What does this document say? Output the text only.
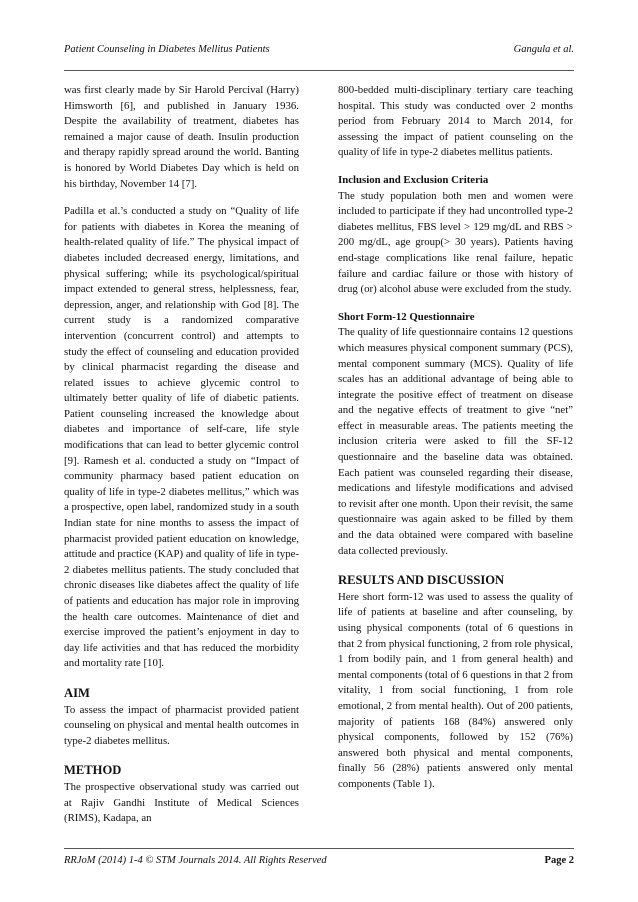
Patient Counseling in Diabetes Mellitus Patients	Gangula et al.

was first clearly made by Sir Harold Percival (Harry) Himsworth [6], and published in January 1936. Despite the availability of treatment, diabetes has remained a major cause of death. Insulin production and therapy rapidly spread around the world. Banting is honored by World Diabetes Day which is held on his birthday, November 14 [7].

Padilla et al.’s conducted a study on “Quality of life for patients with diabetes in Korea the meaning of health-related quality of life.” The physical impact of diabetes included decreased energy, limitations, and physical suffering; while its psychological/spiritual impact extended to general stress, helplessness, fear, depression, anger, and relationship with God [8]. The current study is a randomized comparative intervention (concurrent control) and attempts to study the effect of counseling and education provided by clinical pharmacist regarding the disease and related issues to achieve glycemic control to ultimately better quality of life of diabetic patients. Patient counseling increased the knowledge about diabetes and importance of self-care, life style modifications that can lead to better glycemic control [9]. Ramesh et al. conducted a study on “Impact of community pharmacy based patient education on quality of life in type-2 diabetes mellitus,” which was a prospective, open label, randomized study in a south Indian state for nine months to assess the impact of pharmacist provided patient education on knowledge, attitude and practice (KAP) and quality of life in type-2 diabetes mellitus patients. The study concluded that chronic diseases like diabetes affect the quality of life of patients and education has major role in improving the health care outcomes. Maintenance of diet and exercise improved the patient’s enjoyment in day to day life activities and that has reduced the morbidity and mortality rate [10].

AIM

To assess the impact of pharmacist provided patient counseling on physical and mental health outcomes in type-2 diabetes mellitus.

METHOD

The prospective observational study was carried out at Rajiv Gandhi Institute of Medical Sciences (RIMS), Kadapa, an

800-bedded multi-disciplinary tertiary care teaching hospital. This study was conducted over 2 months period from February 2014 to March 2014, for assessing the impact of patient counseling on the quality of life in type-2 diabetes mellitus patients.

Inclusion and Exclusion Criteria

The study population both men and women were included to participate if they had uncontrolled type-2 diabetes mellitus, FBS level > 129 mg/dL and RBS > 200 mg/dL, age group(> 30 years). Patients having end-stage complications like renal failure, hepatic failure and cardiac failure or those with history of drug (or) alcohol abuse were excluded from the study.

Short Form-12 Questionnaire

The quality of life questionnaire contains 12 questions which measures physical component summary (PCS), mental component summary (MCS). Quality of life scales has an additional advantage of being able to integrate the positive effect of treatment on disease and the negative effects of treatment to give “net” effect in measurable areas. The patients meeting the inclusion criteria were asked to fill the SF-12 questionnaire and the baseline data was obtained. Each patient was counseled regarding their disease, medications and lifestyle modifications and advised to revisit after one month. Upon their revisit, the same questionnaire was again asked to be filled by them and the data obtained were compared with baseline data collected previously.

RESULTS AND DISCUSSION

Here short form-12 was used to assess the quality of life of patients at baseline and after counseling, by using physical components (total of 6 questions in that 2 from physical functioning, 2 from role physical, 1 from bodily pain, and 1 from general health) and mental components (total of 6 questions in that 2 from vitality, 1 from social functioning, 1 from role emotional, 2 from mental health). Out of 200 patients, majority of patients 168 (84%) answered only physical components, followed by 152 (76%) answered both physical and mental components, finally 56 (28%) patients answered only mental components (Table 1).

RRJoM (2014) 1-4 © STM Journals 2014. All Rights Reserved	Page 2
